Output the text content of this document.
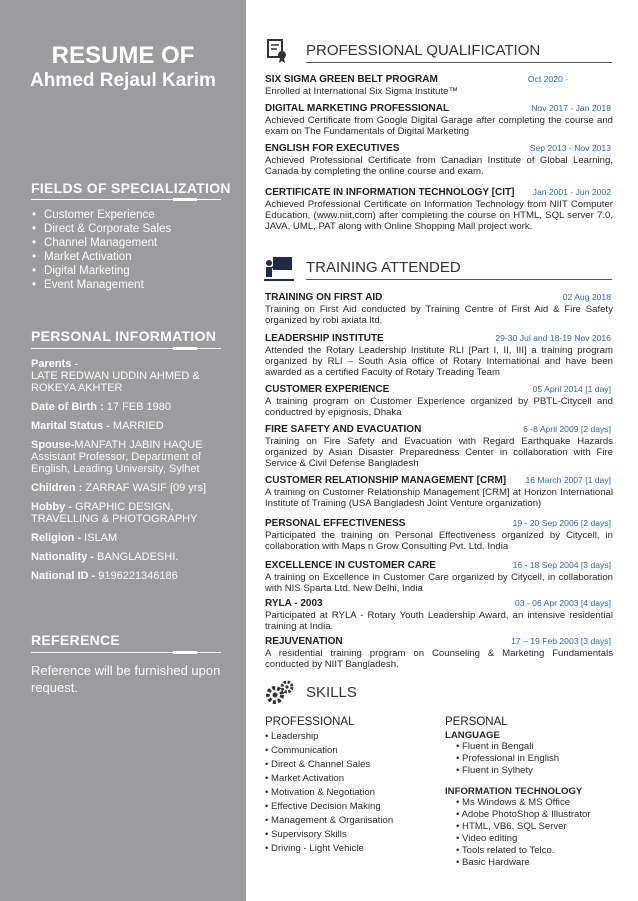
RESUME OF
Ahmed Rejaul Karim
FIELDS OF SPECIALIZATION
• Customer Experience
• Direct & Corporate Sales
• Channel Management
• Market Activation
• Digital Marketing
• Event Management
PERSONAL INFORMATION
Parents -
LATE REDWAN UDDIN AHMED & ROKEYA AKHTER
Date of Birth : 17 FEB 1980
Marital Status - MARRIED
Spouse-MANFATH JABIN HAQUE
Assistant Professor, Department of English, Leading University, Sylhet
Children : ZARRAF WASIF [09 yrs]
Hobby - GRAPHIC DESIGN, TRAVELLING & PHOTOGRAPHY
Religion - ISLAM
Nationality - BANGLADESHI.
National ID - 9196221346186
REFERENCE
Reference will be furnished upon request.
PROFESSIONAL QUALIFICATION
SIX SIGMA GREEN BELT PROGRAM	Oct 2020 -
Enrolled at International Six Sigma Institute™
DIGITAL MARKETING PROFESSIONAL	Nov 2017 - Jan 2018
Achieved Certificate from Google Digital Garage after completing the course and exam on The Fundamentals of Digital Marketing
ENGLISH FOR EXECUTIVES	Sep 2013 - Nov 2013
Achieved Professional Certificate from Canadian Institute of Global Learning, Canada by completing the online course and exam.
CERTIFICATE IN INFORMATION TECHNOLOGY [CIT]	Jan 2001 - Jun 2002
Achieved Professional Certificate on Information Technology from NIIT Computer Education, (www.niit.com) after completing the course on HTML, SQL server 7.0, JAVA, UML, PAT along with Online Shopping Mall project work.
TRAINING ATTENDED
TRAINING ON FIRST AID	02 Aug 2018
Training on First Aid conducted by Training Centre of First Aid & Fire Safety organized by robi axiata ltd.
LEADERSHIP INSTITUTE	29-30 Jul and 18-19 Nov 2016
Attended the Rotary Leadership Institute RLI [Part I, II, III] a training program organized by RLI – South Asia office of Rotary International and have been awarded as a certified Faculty of Rotary Treading Team
CUSTOMER EXPERIENCE	05 April 2014 [1 day]
A training program on Customer Experience organized by PBTL-Citycell and conductred by epignosis, Dhaka
FIRE SAFETY AND EVACUATION	6 -8 April 2009 [2 days]
Training on Fire Safety and Evacuation with Regard Earthquake Hazards organized by Asian Disaster Preparedness Center in collaboration with Fire Service & Civil Defense Bangladesh
CUSTOMER RELATIONSHIP MANAGEMENT [CRM]	16 March 2007 [1 day]
A training on Customer Relationship Management [CRM] at Horizon International Institute of Training (USA Bangladesh Joint Venture organization)
PERSONAL EFFECTIVENESS	19 - 20 Sep 2006 [2 days]
Participated the training on Personal Effectiveness organized by Citycell, in collaboration with Maps n Grow Consulting Pvt. Ltd. India
EXCELLENCE IN CUSTOMER CARE	16 - 18 Sep 2004 [3 days]
A training on Excellence in Customer Care organized by Citycell, in collaboration with NIS Sparta Ltd. New Delhi, India
RYLA - 2003	03 - 06 Apr 2003 [4 days]
Participated at RYLA - Rotary Youth Leadership Award, an intensive residential training at India.
REJUVENATION	17 – 19 Feb 2003 [3 days]
A residential training program on Counseling & Marketing Fundamentals conducted by NIIT Bangladesh.
SKILLS
PROFESSIONAL
• Leadership
• Communication
• Direct & Channel Sales
• Market Activation
• Motivation & Negotiation
• Effective Decision Making
• Management & Organisation
• Supervisory Skills
• Driving - Light Vehicle
PERSONAL
LANGUAGE
• Fluent in Bengali
• Professional in English
• Fluent in Sylhety
INFORMATION TECHNOLOGY
• Ms Windows & MS Office
• Adobe PhotoShop & Illustrator
• HTML, VB6, SQL Server
• Video editing
• Tools related to Telco.
• Basic Hardware
